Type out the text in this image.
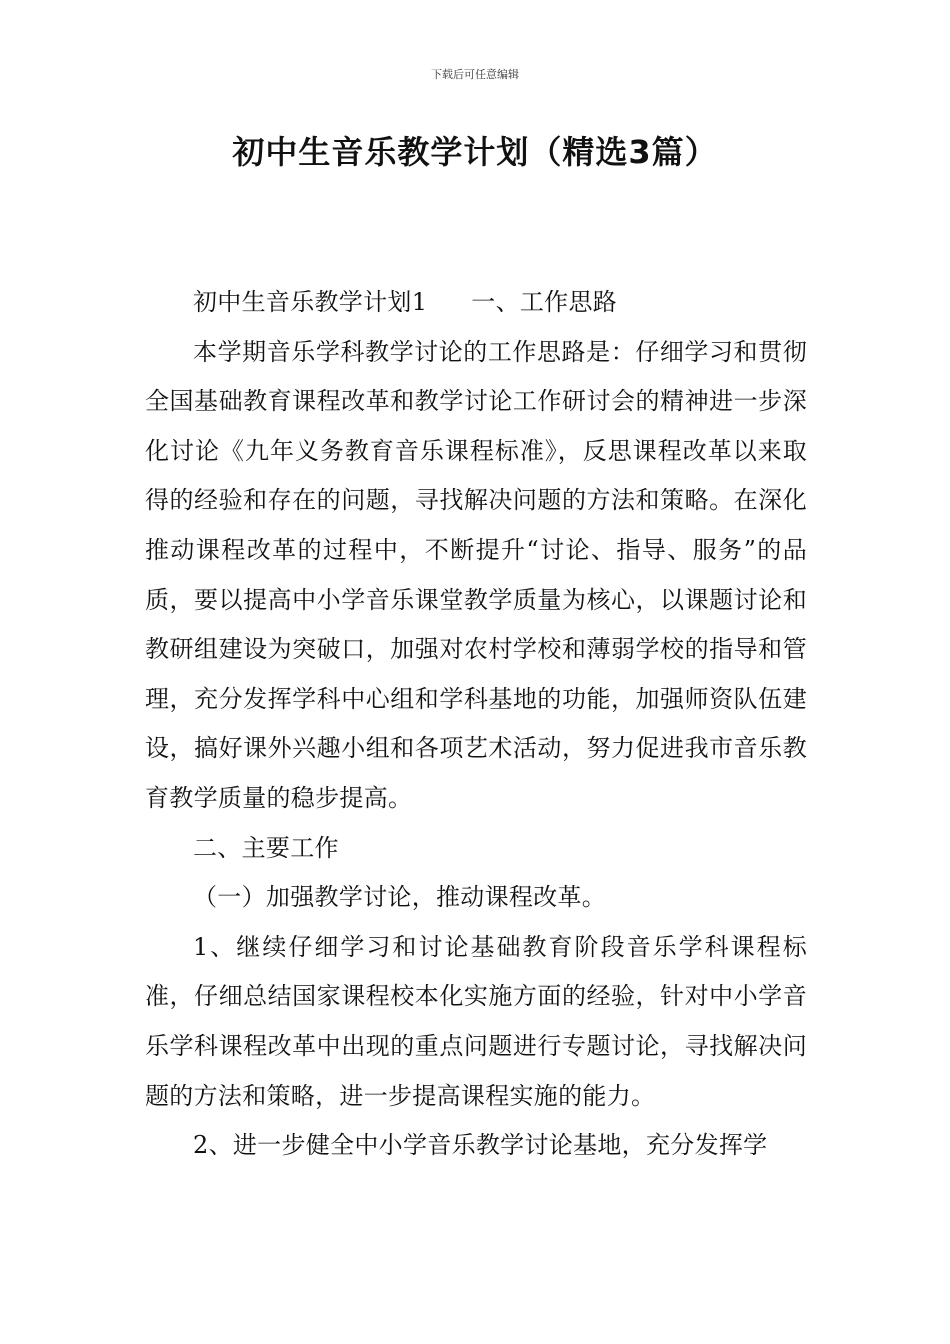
下载后可任意编辑
初中生音乐教学计划（精选3篇）

初中生音乐教学计划1 一、工作思路

本学期音乐学科教学讨论的工作思路是：仔细学习和贯彻全国基础教育课程改革和教学讨论工作研讨会的精神进一步深化讨论《九年义务教育音乐课程标准》，反思课程改革以来取得的经验和存在的问题，寻找解决问题的方法和策略。在深化推动课程改革的过程中，不断提升“讨论、指导、服务”的品质，要以提高中小学音乐课堂教学质量为核心，以课题讨论和教研组建设为突破口，加强对农村学校和薄弱学校的指导和管理，充分发挥学科中心组和学科基地的功能，加强师资队伍建设，搞好课外兴趣小组和各项艺术活动，努力促进我市音乐教育教学质量的稳步提高。

二、主要工作

（一）加强教学讨论，推动课程改革。

1、继续仔细学习和讨论基础教育阶段音乐学科课程标准，仔细总结国家课程校本化实施方面的经验，针对中小学音乐学科课程改革中出现的重点问题进行专题讨论，寻找解决问题的方法和策略，进一步提高课程实施的能力。

2、进一步健全中小学音乐教学讨论基地，充分发挥学
